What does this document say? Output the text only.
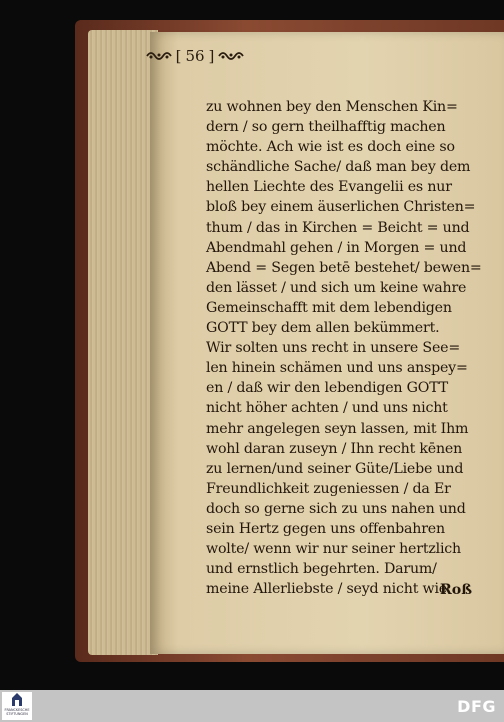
[ 56 ]
zu wohnen bey den Menschen Kin=
dern / so gern theilhafftig machen
möchte. Ach wie ist es doch eine so
schändliche Sache/ daß man bey dem
hellen Liechte des Evangelii es nur
bloß bey einem äuserlichen Christen=
thum / das in Kirchen = Beicht = und
Abendmahl gehen / in Morgen = und
Abend = Segen betē bestehet/ bewen=
den lässet / und sich um keine wahre
Gemeinschafft mit dem lebendigen
GOTT bey dem allen bekümmert.
Wir solten uns recht in unsere See=
len hinein schämen und uns anspey=
en / daß wir den lebendigen GOTT
nicht höher achten / und uns nicht
mehr angelegen seyn lassen, mit Ihm
wohl daran zuseyn / Ihn recht kēnen
zu lernen/und seiner Güte/Liebe und
Freundlichkeit zugeniessen / da Er
doch so gerne sich zu uns nahen und
sein Hertz gegen uns offenbahren
wolte/ wenn wir nur seiner hertzlich
und ernstlich begehrten. Darum/
meine Allerliebste / seyd nicht wie
Roß
FRANCKESCHE STIFTUNGEN	DFG
